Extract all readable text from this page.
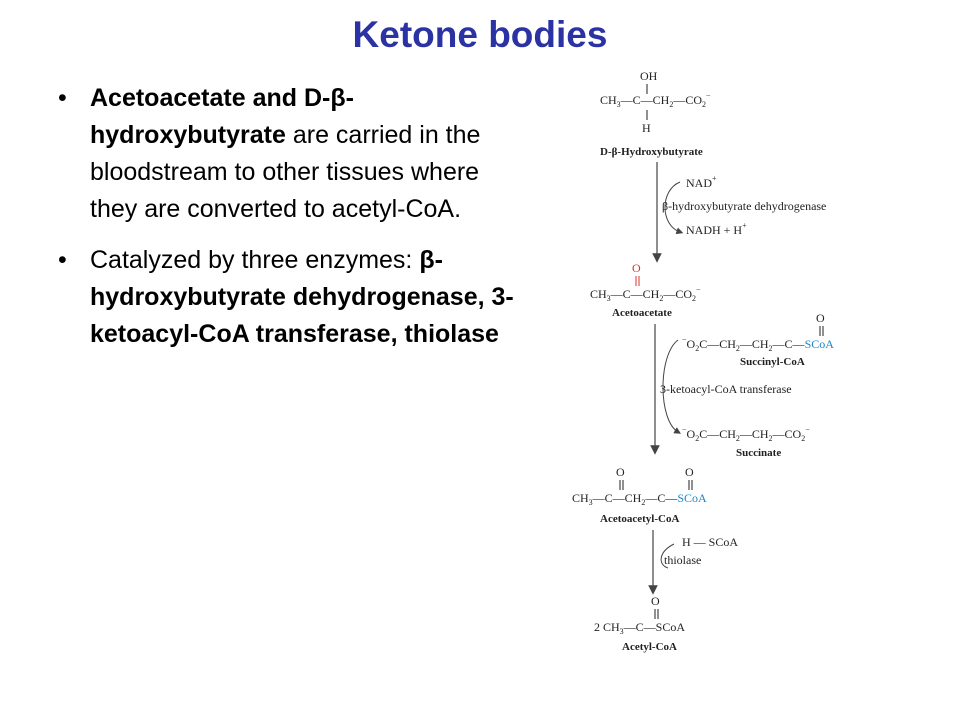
Ketone bodies
• Acetoacetate and D-β- hydroxybutyrate are carried in the bloodstream to other tissues where they are converted to acetyl-CoA.
• Catalyzed by three enzymes: β-hydroxybutyrate dehydrogenase, 3-ketoacyl-CoA transferase, thiolase
OH
$CH_3—C—CH_2—CO_2^-$
H
D-β-Hydroxybutyrate
NAD+
β-hydroxybutyrate dehydrogenase
NADH + H+
O
$CH_3—C—CH_2—CO_2^-$
Acetoacetate	O
$^-O_2C—CH_2—CH_2—C—SCoA$
Succinyl-CoA
3-ketoacyl-CoA transferase
$^-O_2C—CH_2—CH_2—CO_2^-$
Succinate
O	O
$CH_3—C—CH_2—C—SCoA$
Acetoacetyl-CoA
H — SCoA
thiolase
O
2 $CH_3—C—SCoA$
Acetyl-CoA
